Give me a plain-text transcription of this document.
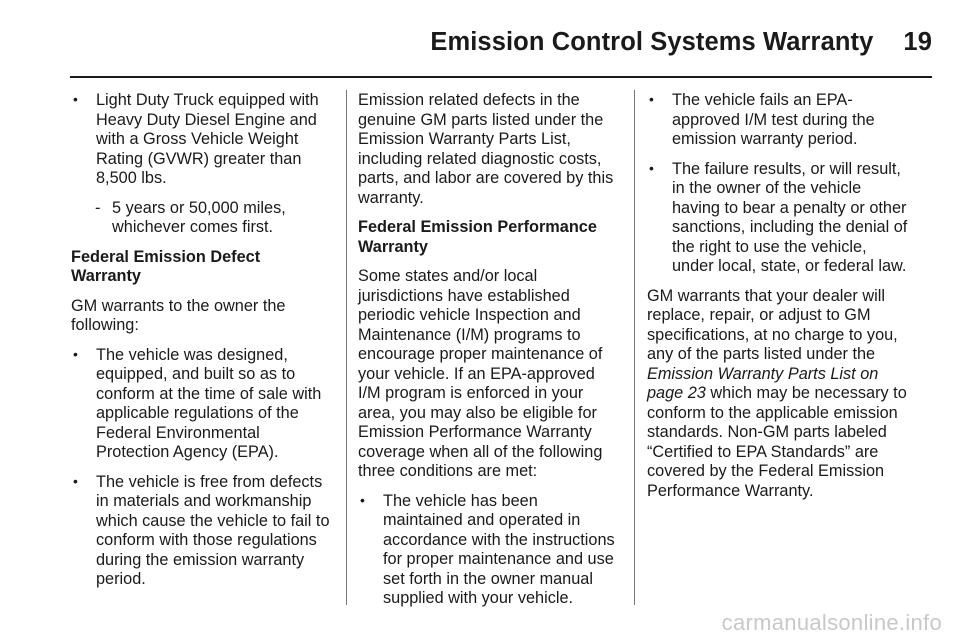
Emission Control Systems Warranty 19
• Light Duty Truck equipped with Heavy Duty Diesel Engine and with a Gross Vehicle Weight Rating (GVWR) greater than 8,500 lbs.
- 5 years or 50,000 miles, whichever comes first.

Federal Emission Defect Warranty

GM warrants to the owner the following:

• The vehicle was designed, equipped, and built so as to conform at the time of sale with applicable regulations of the Federal Environmental Protection Agency (EPA).
• The vehicle is free from defects in materials and workmanship which cause the vehicle to fail to conform with those regulations during the emission warranty period.

Emission related defects in the genuine GM parts listed under the Emission Warranty Parts List, including related diagnostic costs, parts, and labor are covered by this warranty.

Federal Emission Performance Warranty

Some states and/or local jurisdictions have established periodic vehicle Inspection and Maintenance (I/M) programs to encourage proper maintenance of your vehicle. If an EPA-approved I/M program is enforced in your area, you may also be eligible for Emission Performance Warranty coverage when all of the following three conditions are met:

• The vehicle has been maintained and operated in accordance with the instructions for proper maintenance and use set forth in the owner manual supplied with your vehicle.
• The vehicle fails an EPA-approved I/M test during the emission warranty period.
• The failure results, or will result, in the owner of the vehicle having to bear a penalty or other sanctions, including the denial of the right to use the vehicle, under local, state, or federal law.

GM warrants that your dealer will replace, repair, or adjust to GM specifications, at no charge to you, any of the parts listed under the Emission Warranty Parts List on page 23 which may be necessary to conform to the applicable emission standards. Non-GM parts labeled “Certified to EPA Standards” are covered by the Federal Emission Performance Warranty.

carmanualsonline.info
